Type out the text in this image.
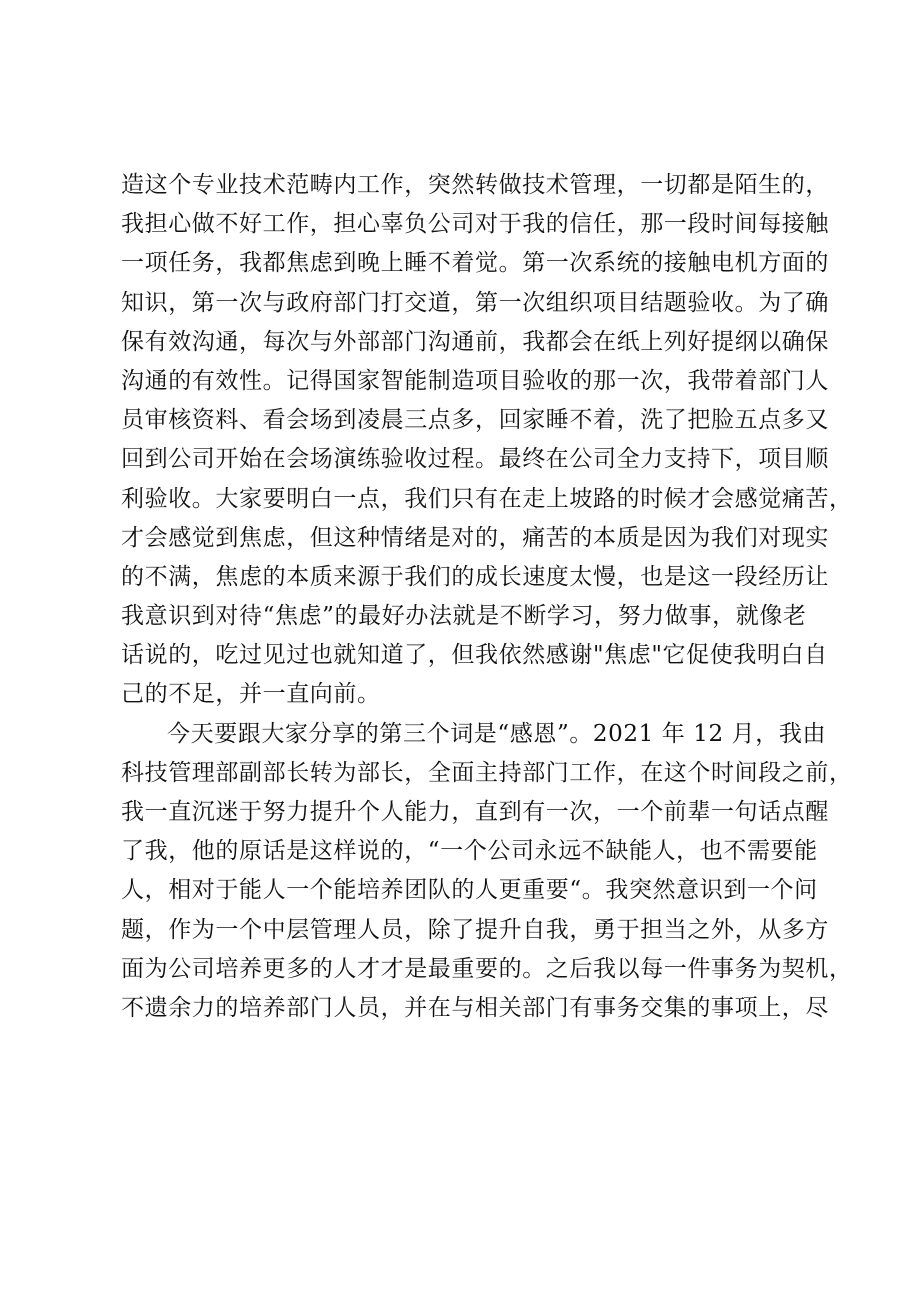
造这个专业技术范畴内工作，突然转做技术管理，一切都是陌生的，
我担心做不好工作，担心辜负公司对于我的信任，那一段时间每接触
一项任务，我都焦虑到晚上睡不着觉。第一次系统的接触电机方面的
知识，第一次与政府部门打交道，第一次组织项目结题验收。为了确
保有效沟通，每次与外部部门沟通前，我都会在纸上列好提纲以确保
沟通的有效性。记得国家智能制造项目验收的那一次，我带着部门人
员审核资料、看会场到凌晨三点多，回家睡不着，洗了把脸五点多又
回到公司开始在会场演练验收过程。最终在公司全力支持下，项目顺
利验收。大家要明白一点，我们只有在走上坡路的时候才会感觉痛苦，
才会感觉到焦虑，但这种情绪是对的，痛苦的本质是因为我们对现实
的不满，焦虑的本质来源于我们的成长速度太慢，也是这一段经历让
我意识到对待“焦虑”的最好办法就是不断学习，努力做事，就像老
话说的，吃过见过也就知道了，但我依然感谢"焦虑"它促使我明白自
己的不足，并一直向前。
今天要跟大家分享的第三个词是“感恩”。2021 年 12 月，我由
科技管理部副部长转为部长，全面主持部门工作，在这个时间段之前，
我一直沉迷于努力提升个人能力，直到有一次，一个前辈一句话点醒
了我，他的原话是这样说的，“一个公司永远不缺能人，也不需要能
人，相对于能人一个能培养团队的人更重要“。我突然意识到一个问
题，作为一个中层管理人员，除了提升自我，勇于担当之外，从多方
面为公司培养更多的人才才是最重要的。之后我以每一件事务为契机，
不遗余力的培养部门人员，并在与相关部门有事务交集的事项上，尽
